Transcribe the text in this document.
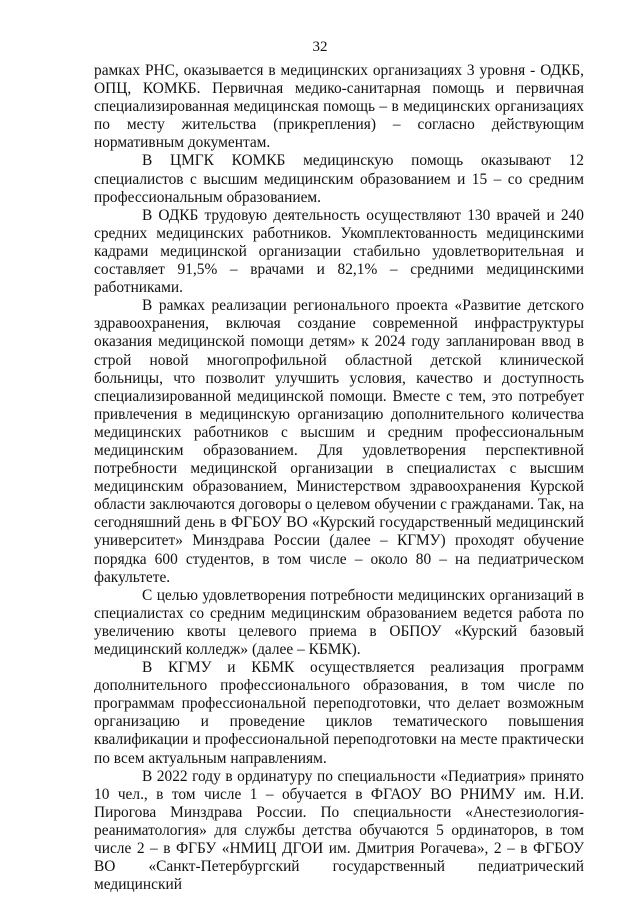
32

рамках РНС, оказывается в медицинских организациях 3 уровня - ОДКБ, ОПЦ, КОМКБ. Первичная медико-санитарная помощь и первичная специализированная медицинская помощь – в медицинских организациях по месту жительства (прикрепления) – согласно действующим нормативным документам.

В ЦМГК КОМКБ медицинскую помощь оказывают 12 специалистов с высшим медицинским образованием и 15 – со средним профессиональным образованием.

В ОДКБ трудовую деятельность осуществляют 130 врачей и 240 средних медицинских работников. Укомплектованность медицинскими кадрами медицинской организации стабильно удовлетворительная и составляет 91,5% – врачами и 82,1% – средними медицинскими работниками.

В рамках реализации регионального проекта «Развитие детского здравоохранения, включая создание современной инфраструктуры оказания медицинской помощи детям» к 2024 году запланирован ввод в строй новой многопрофильной областной детской клинической больницы, что позволит улучшить условия, качество и доступность специализированной медицинской помощи. Вместе с тем, это потребует привлечения в медицинскую организацию дополнительного количества медицинских работников с высшим и средним профессиональным медицинским образованием. Для удовлетворения перспективной потребности медицинской организации в специалистах с высшим медицинским образованием, Министерством здравоохранения Курской области заключаются договоры о целевом обучении с гражданами. Так, на сегодняшний день в ФГБОУ ВО «Курский государственный медицинский университет» Минздрава России (далее – КГМУ) проходят обучение порядка 600 студентов, в том числе – около 80 – на педиатрическом факультете.

С целью удовлетворения потребности медицинских организаций в специалистах со средним медицинским образованием ведется работа по увеличению квоты целевого приема в ОБПОУ «Курский базовый медицинский колледж» (далее – КБМК).

В КГМУ и КБМК осуществляется реализация программ дополнительного профессионального образования, в том числе по программам профессиональной переподготовки, что делает возможным организацию и проведение циклов тематического повышения квалификации и профессиональной переподготовки на месте практически по всем актуальным направлениям.

В 2022 году в ординатуру по специальности «Педиатрия» принято 10 чел., в том числе 1 – обучается в ФГАОУ ВО РНИМУ им. Н.И. Пирогова Минздрава России. По специальности «Анестезиология-реаниматология» для службы детства обучаются 5 ординаторов, в том числе 2 – в ФГБУ «НМИЦ ДГОИ им. Дмитрия Рогачева», 2 – в ФГБОУ ВО «Санкт-Петербургский государственный педиатрический медицинский
